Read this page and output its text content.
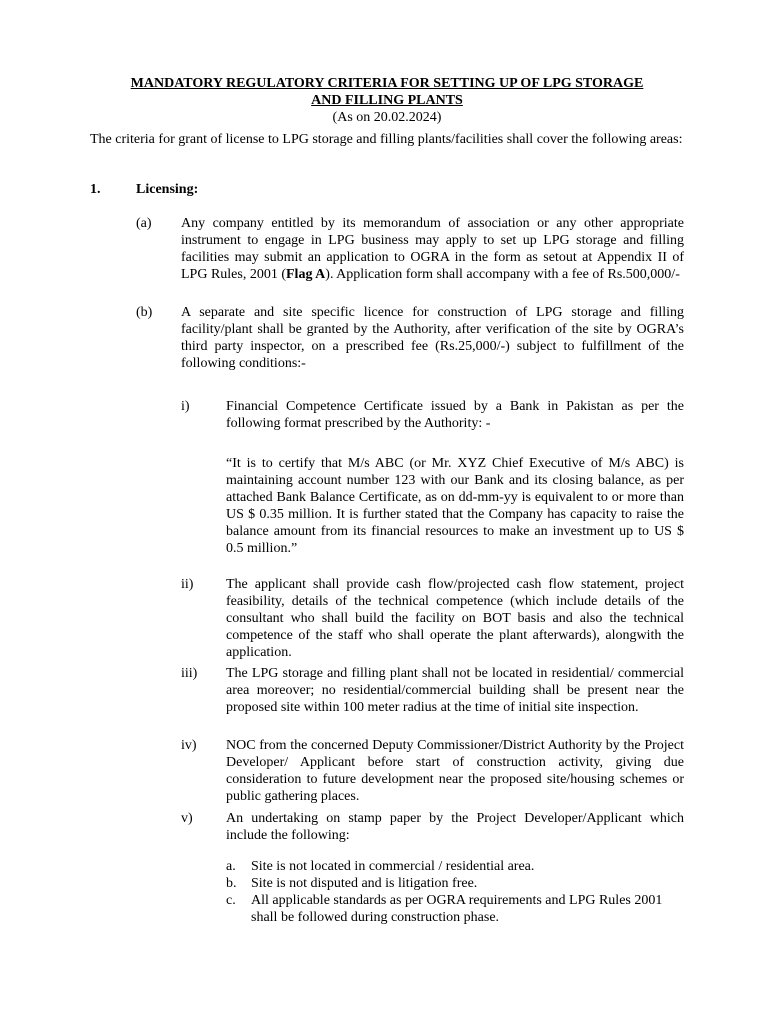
MANDATORY REGULATORY CRITERIA FOR SETTING UP OF LPG STORAGE
AND FILLING PLANTS
(As on 20.02.2024)

The criteria for grant of license to LPG storage and filling plants/facilities shall cover the following areas:

1.	Licensing:
(a) Any company entitled by its memorandum of association or any other appropriate instrument to engage in LPG business may apply to set up LPG storage and filling facilities may submit an application to OGRA in the form as setout at Appendix II of LPG Rules, 2001 (Flag A). Application form shall accompany with a fee of Rs.500,000/-

(b) A separate and site specific licence for construction of LPG storage and filling facility/plant shall be granted by the Authority, after verification of the site by OGRA’s third party inspector, on a prescribed fee (Rs.25,000/-) subject to fulfillment of the following conditions:-

i)	Financial Competence Certificate issued by a Bank in Pakistan as per the following format prescribed by the Authority: -

“It is to certify that M/s ABC (or Mr. XYZ Chief Executive of M/s ABC) is maintaining account number 123 with our Bank and its closing balance, as per attached Bank Balance Certificate, as on dd-mm-yy is equivalent to or more than US $ 0.35 million. It is further stated that the Company has capacity to raise the balance amount from its financial resources to make an investment up to US $ 0.5 million.”

ii) The applicant shall provide cash flow/projected cash flow statement, project feasibility, details of the technical competence (which include details of the consultant who shall build the facility on BOT basis and also the technical competence of the staff who shall operate the plant afterwards), alongwith the application.

iii) The LPG storage and filling plant shall not be located in residential/ commercial area moreover; no residential/commercial building shall be present near the proposed site within 100 meter radius at the time of initial site inspection.

iv) NOC from the concerned Deputy Commissioner/District Authority by the Project Developer/ Applicant before start of construction activity, giving due consideration to future development near the proposed site/housing schemes or public gathering places.

v) An undertaking on stamp paper by the Project Developer/Applicant which include the following:

a. Site is not located in commercial / residential area.
b. Site is not disputed and is litigation free.
c. All applicable standards as per OGRA requirements and LPG Rules 2001 shall be followed during construction phase.
